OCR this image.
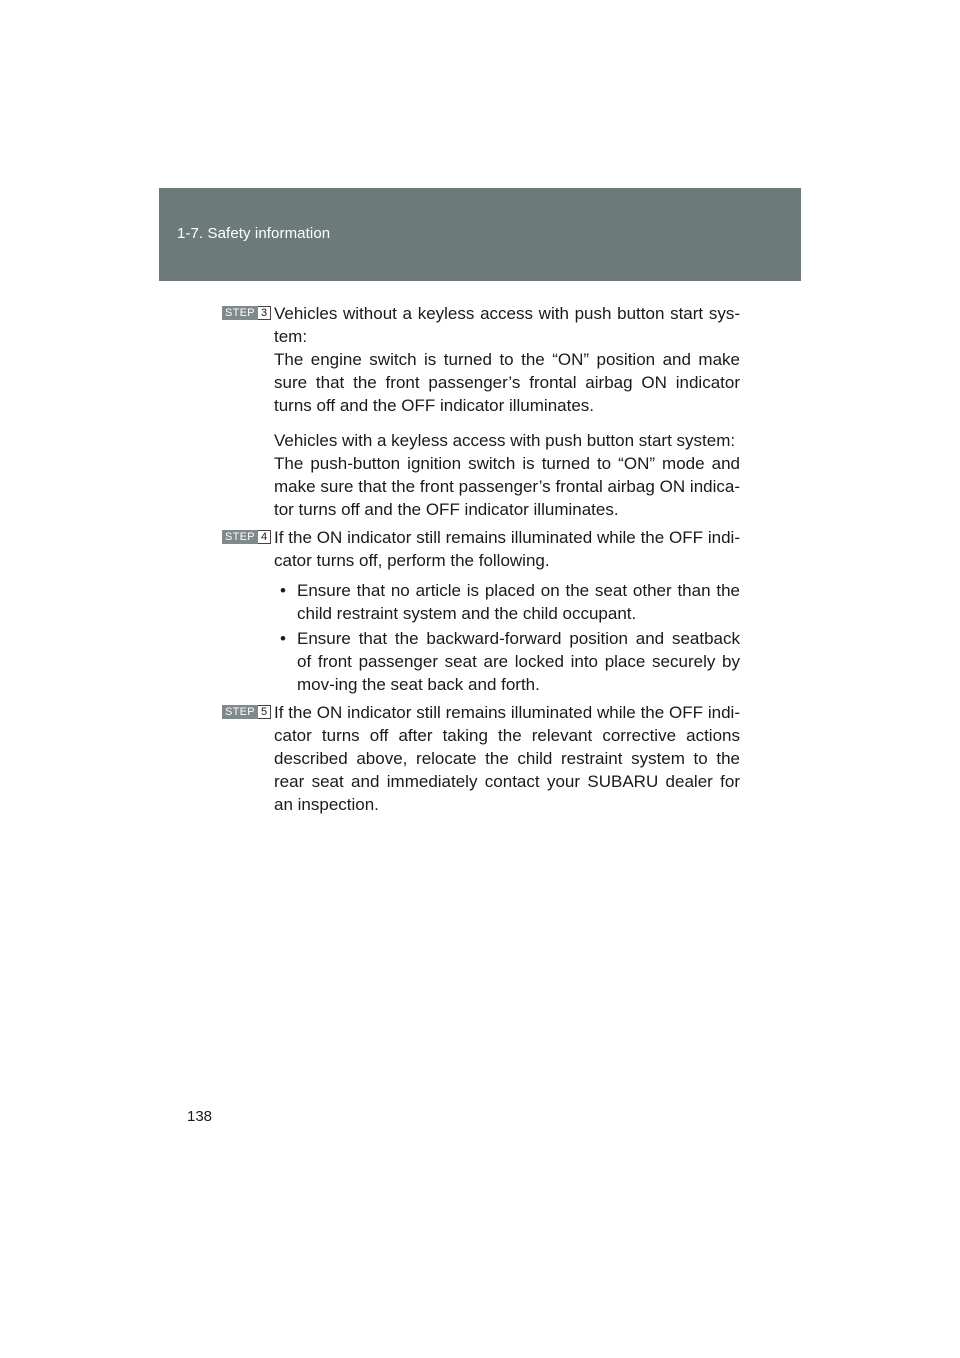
1-7. Safety information
STEP 3 Vehicles without a keyless access with push button start sys-tem:

The engine switch is turned to the “ON” position and make sure that the front passenger’s frontal airbag ON indicator turns off and the OFF indicator illuminates.

Vehicles with a keyless access with push button start system:

The push-button ignition switch is turned to “ON” mode and make sure that the front passenger’s frontal airbag ON indica-tor turns off and the OFF indicator illuminates.

STEP 4 If the ON indicator still remains illuminated while the OFF indi-cator turns off, perform the following.

• Ensure that no article is placed on the seat other than the child restraint system and the child occupant.
• Ensure that the backward-forward position and seatback of front passenger seat are locked into place securely by mov-ing the seat back and forth.
STEP 5 If the ON indicator still remains illuminated while the OFF indi-cator turns off after taking the relevant corrective actions described above, relocate the child restraint system to the rear seat and immediately contact your SUBARU dealer for an inspection.

138
